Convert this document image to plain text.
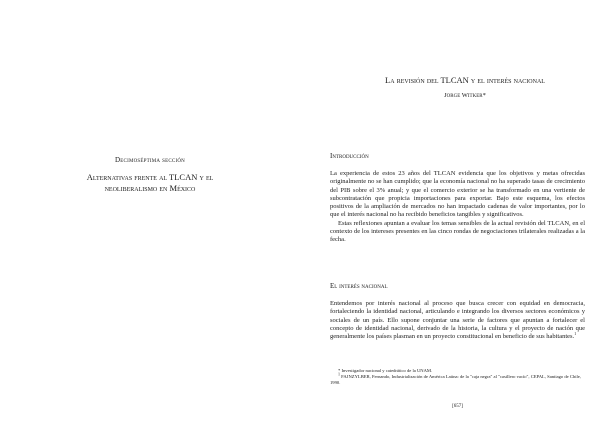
Decimoséptima sección
Alternativas frente al TLCAN y el neoliberalismo en México
La revisión del TLCAN y el interés nacional
Jorge Witker*
Introducción

La experiencia de estos 23 años del TLCAN evidencia que los objetivos y metas ofrecidas originalmente no se han cumplido; que la economía nacional no ha superado tasas de crecimiento del PIB sobre el 3% anual; y que el comercio exterior se ha transformado en una vertiente de subcontratación que propicia importaciones para exportar. Bajo este esquema, los efectos positivos de la ampliación de mercados no han impactado cadenas de valor importantes, por lo que el interés nacional no ha recibido beneficios tangibles y significativos.

Estas reflexiones apuntan a evaluar los temas sensibles de la actual revisión del TLCAN, en el contexto de los intereses presentes en las cinco rondas de negociaciones trilaterales realizadas a la fecha.

El interés nacional

Entendemos por interés nacional al proceso que busca crecer con equidad en democracia, fortaleciendo la identidad nacional, articulando e integrando los diversos sectores económicos y sociales de un país. Ello supone conjuntar una serie de factores que apuntan a fortalecer el concepto de identidad nacional, derivado de la historia, la cultura y el proyecto de nación que generalmente los países plasman en un proyecto constitucional en beneficio de sus habitantes.$^1$

* Investigador nacional y catedrático de la UNAM.

$^1$ FAJNZYLBER, Fernando, Industrialización de América Latina: de la "caja negra" al "casillero vacío", CEPAL, Santiago de Chile, 1990.

[657]
